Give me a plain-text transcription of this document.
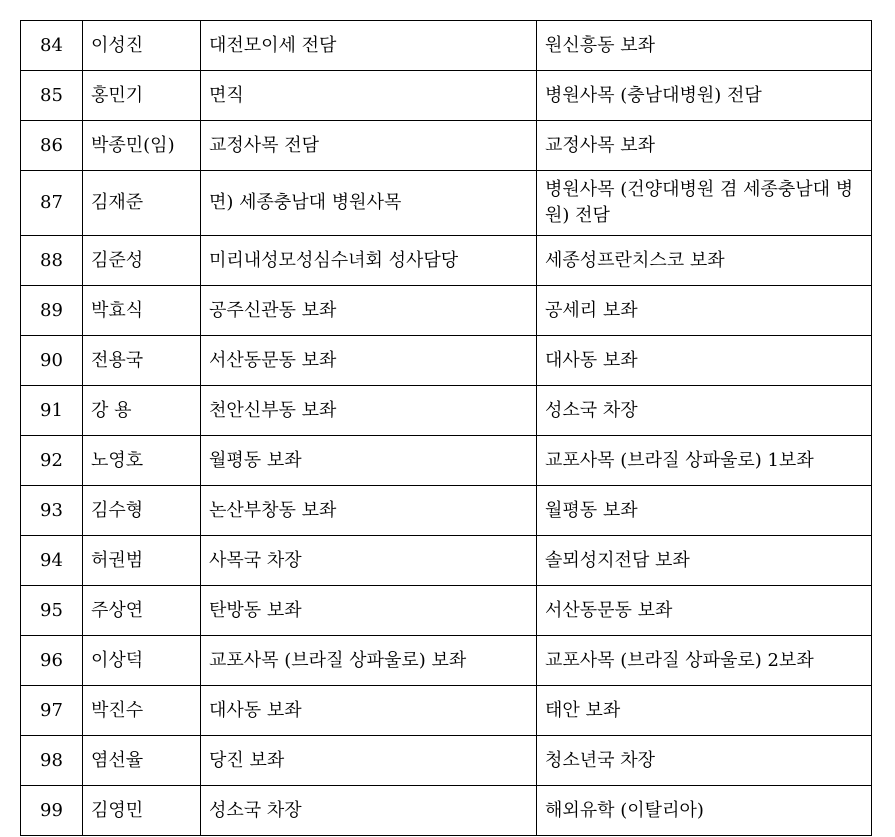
84	이성진	대전모이세 전담	원신흥동 보좌
85	홍민기	면직	병원사목 (충남대병원) 전담
86	박종민(임)	교정사목 전담	교정사목 보좌
87	김재준	면) 세종충남대 병원사목	병원사목 (건양대병원 겸 세종충남대 병원) 전담
88	김준성	미리내성모성심수녀회 성사담당	세종성프란치스코 보좌
89	박효식	공주신관동 보좌	공세리 보좌
90	전용국	서산동문동 보좌	대사동 보좌
91	강 용	천안신부동 보좌	성소국 차장
92	노영호	월평동 보좌	교포사목 (브라질 상파울로) 1보좌
93	김수형	논산부창동 보좌	월평동 보좌
94	허권범	사목국 차장	솔뫼성지전담 보좌
95	주상연	탄방동 보좌	서산동문동 보좌
96	이상덕	교포사목 (브라질 상파울로) 보좌	교포사목 (브라질 상파울로) 2보좌
97	박진수	대사동 보좌	태안 보좌
98	염선율	당진 보좌	청소년국 차장
99	김영민	성소국 차장	해외유학 (이탈리아)
